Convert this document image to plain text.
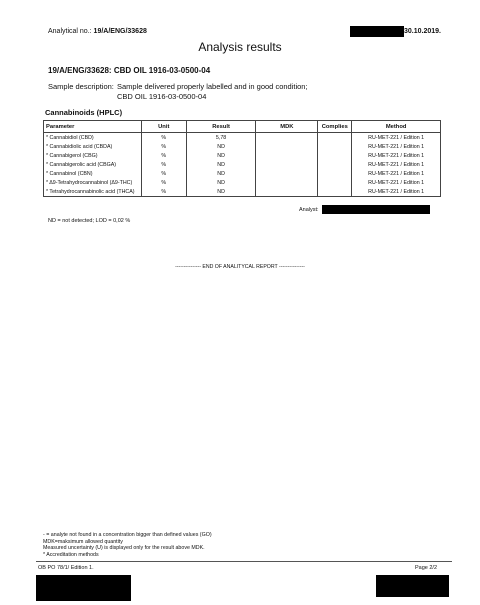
Analytical no.: 19/A/ENG/33628	30.10.2019.
Analysis results
19/A/ENG/33628: CBD OIL 1916-03-0500-04
Sample description: Sample delivered properly labelled and in good condition;
CBD OIL 1916-03-0500-04
Cannabinoids (HPLC)
Parameter	Unit	Result	MDK	Complies	Method
* Cannabidiol (CBD)	%	5,78			RU-MET-221 / Edition 1
* Cannabidiolic acid (CBDA)	%	ND			RU-MET-221 / Edition 1
* Cannabigerol (CBG)	%	ND			RU-MET-221 / Edition 1
* Cannabigerolic acid (CBGA)	%	ND			RU-MET-221 / Edition 1
* Cannabinol (CBN)	%	ND			RU-MET-221 / Edition 1
* Δ9-Tetrahydrocannabinol (Δ9-THC)	%	ND			RU-MET-221 / Edition 1
* Tetrahydrocannabinolic acid (THCA)	%	ND			RU-MET-221 / Edition 1
Analyst:
ND = not detected; LOD = 0,02 %
--------------- END OF ANALITYCAL REPORT ---------------
- = analyte not found in a concentration bigger than defined values (GO)
MDK=maksimum allowed quantity
Measured uncertainty (U) is displayed only for the result above MDK.
* Accreditation methods
OB PO 78/1/ Edition 1.	Page 2/2
